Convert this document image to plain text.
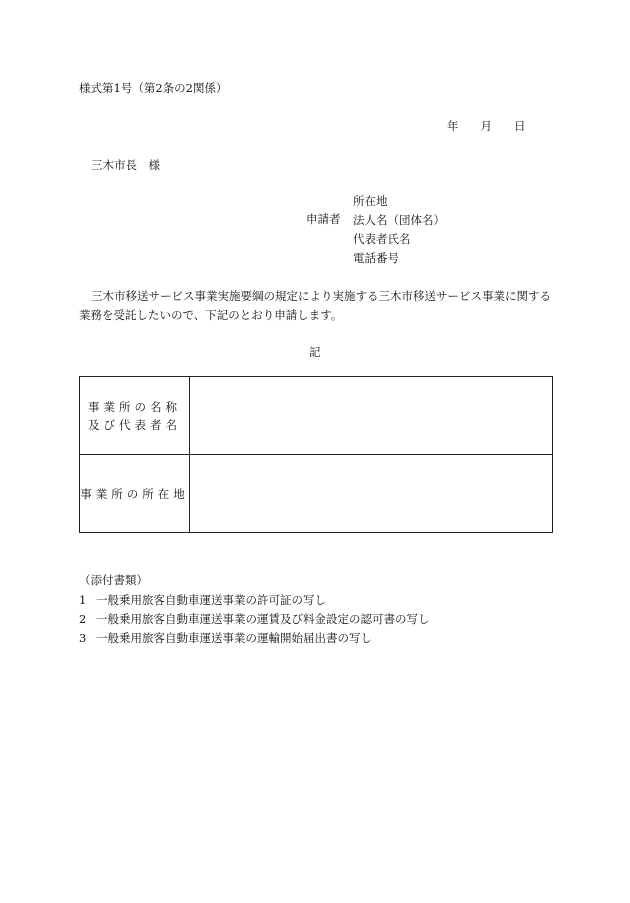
様式第1号（第2条の2関係）
年 月 日
三木市長　様
申請者
所在地
法人名（団体名）
代表者氏名
電話番号
三木市移送サービス事業実施要綱の規定により実施する三木市移送サービス事業に関する業務を受託したいので、下記のとおり申請します。
記
事業所の名称
及び代表者名	

事業所の所在地	

（添付書類）
1 一般乗用旅客自動車運送事業の許可証の写し
2 一般乗用旅客自動車運送事業の運賃及び料金設定の認可書の写し
3 一般乗用旅客自動車運送事業の運輸開始届出書の写し
